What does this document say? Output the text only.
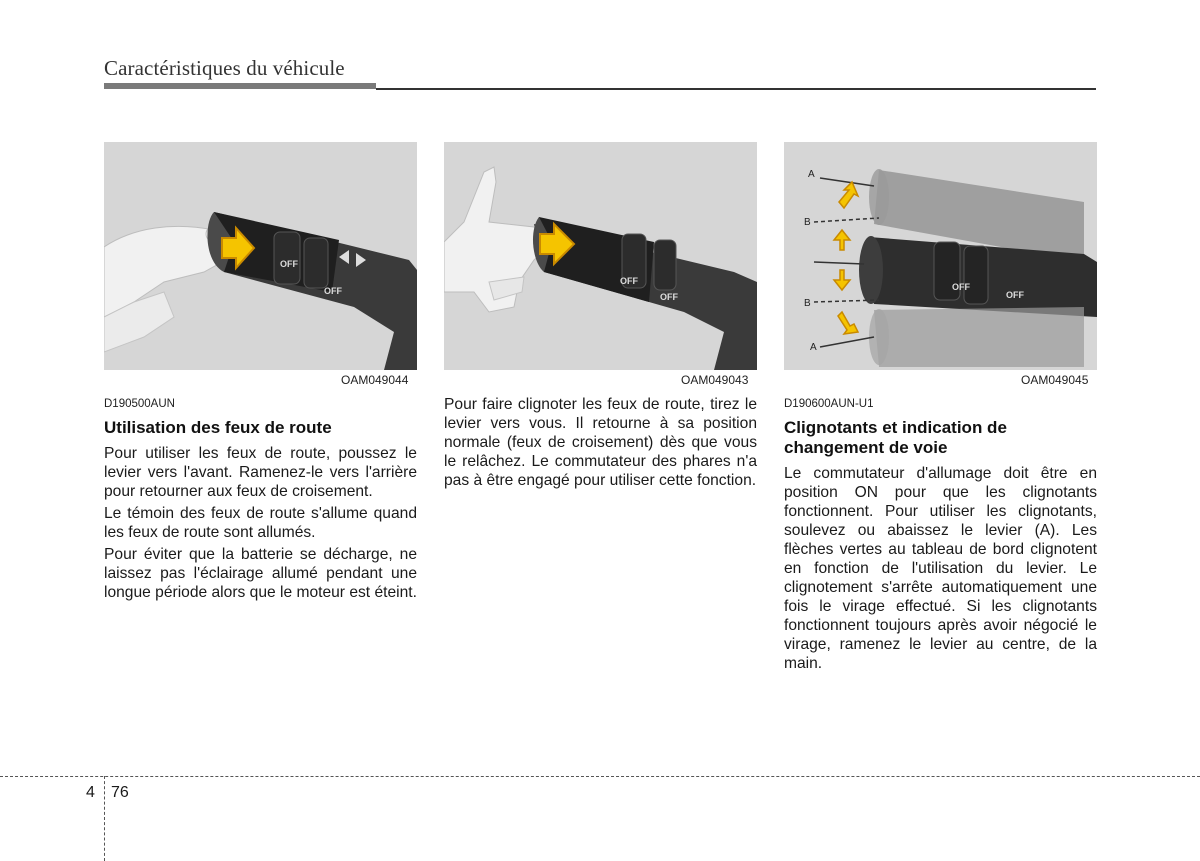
Caractéristiques du véhicule
OFF
OFF
OAM049044
OFF
OFF
OAM049043
OFF
OFF
A
B
B
A
OAM049045
D190500AUN
Utilisation des feux de route

Pour utiliser les feux de route, poussez le levier vers l'avant. Ramenez-le vers l'arrière pour retourner aux feux de croisement.

Le témoin des feux de route s'allume quand les feux de route sont allumés.

Pour éviter que la batterie se décharge, ne laissez pas l'éclairage allumé pendant une longue période alors que le moteur est éteint.

Pour faire clignoter les feux de route, tirez le levier vers vous. Il retourne à sa position normale (feux de croisement) dès que vous le relâchez. Le commutateur des phares n'a pas à être engagé pour utiliser cette fonction.

D190600AUN-U1
Clignotants et indication de changement de voie

Le commutateur d'allumage doit être en position ON pour que les clignotants fonctionnent. Pour utiliser les clignotants, soulevez ou abaissez le levier (A). Les flèches vertes au tableau de bord clignotent en fonction de l'utilisation du levier. Le clignotement s'arrête automatiquement une fois le virage effectué. Si les clignotants fonctionnent toujours après avoir négocié le virage, ramenez le levier au centre, de la main.

4 76
